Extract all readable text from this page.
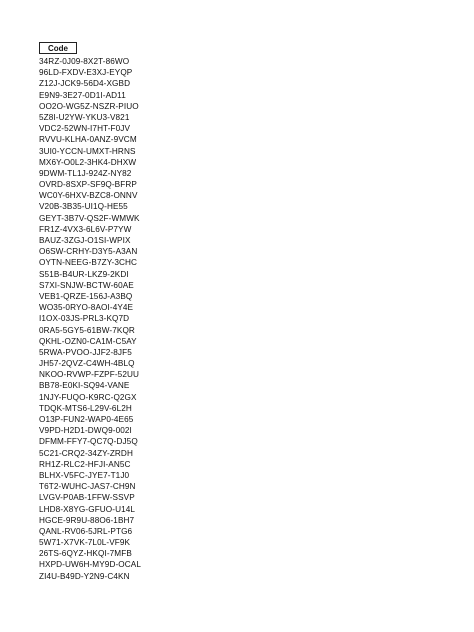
Code
34RZ-0J09-8X2T-86WO
96LD-FXDV-E3XJ-EYQP
Z12J-JCK9-56D4-XGBD
E9N9-3E27-0D1I-AD11
OO2O-WG5Z-NSZR-PIUO
5Z8I-U2YW-YKU3-V821
VDC2-52WN-I7HT-F0JV
RVVU-KLHA-0ANZ-9VCM
3UI0-YCCN-UMXT-HRNS
MX6Y-O0L2-3HK4-DHXW
9DWM-TL1J-924Z-NY82
OVRD-8SXP-SF9Q-BFRP
WC0Y-6HXV-BZC8-ONNV
V20B-3B35-UI1Q-HE55
GEYT-3B7V-QS2F-WMWK
FR1Z-4VX3-6L6V-P7YW
BAUZ-3ZGJ-O1SI-WPIX
O6SW-CRHY-D3Y5-A3AN
OYTN-NEEG-B7ZY-3CHC
S51B-B4UR-LKZ9-2KDI
S7XI-SNJW-BCTW-60AE
VEB1-QRZE-156J-A3BQ
WO35-0RYO-8AOI-4Y4E
I1OX-03JS-PRL3-KQ7D
0RA5-5GY5-61BW-7KQR
QKHL-OZN0-CA1M-C5AY
5RWA-PVOO-JJF2-8JF5
JH57-2QVZ-C4WH-4BLQ
NKOO-RVWP-FZPF-52UU
BB78-E0KI-SQ94-VANE
1NJY-FUQO-K9RC-Q2GX
TDQK-MTS6-L29V-6L2H
O13P-FUN2-WAP0-4E65
V9PD-H2D1-DWQ9-002I
DFMM-FFY7-QC7Q-DJ5Q
5C21-CRQ2-34ZY-ZRDH
RH1Z-RLC2-HFJI-AN5C
BLHX-V5FC-JYE7-T1J0
T6T2-WUHC-JAS7-CH9N
LVGV-P0AB-1FFW-SSVP
LHD8-X8YG-GFUO-U14L
HGCE-9R9U-88O6-1BH7
QANL-RV06-5JRL-PTG6
5W71-X7VK-7L0L-VF9K
26TS-6QYZ-HKQI-7MFB
HXPD-UW6H-MY9D-OCAL
ZI4U-B49D-Y2N9-C4KN
